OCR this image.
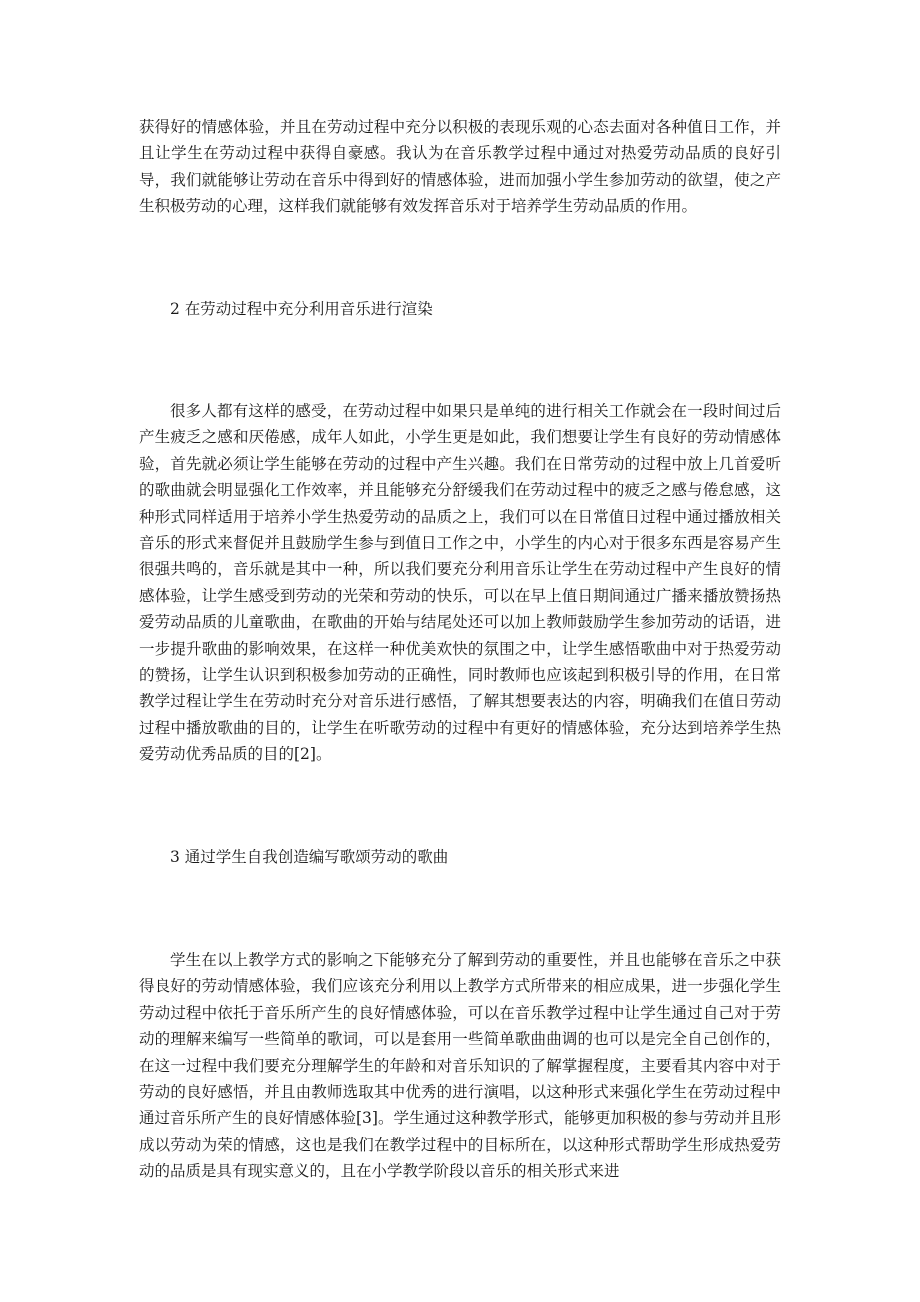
获得好的情感体验，并且在劳动过程中充分以积极的表现乐观的心态去面对各种值日工作，并且让学生在劳动过程中获得自豪感。我认为在音乐教学过程中通过对热爱劳动品质的良好引导，我们就能够让劳动在音乐中得到好的情感体验，进而加强小学生参加劳动的欲望，使之产生积极劳动的心理，这样我们就能够有效发挥音乐对于培养学生劳动品质的作用。

2 在劳动过程中充分利用音乐进行渲染

很多人都有这样的感受，在劳动过程中如果只是单纯的进行相关工作就会在一段时间过后产生疲乏之感和厌倦感，成年人如此，小学生更是如此，我们想要让学生有良好的劳动情感体验，首先就必须让学生能够在劳动的过程中产生兴趣。我们在日常劳动的过程中放上几首爱听的歌曲就会明显强化工作效率，并且能够充分舒缓我们在劳动过程中的疲乏之感与倦怠感，这种形式同样适用于培养小学生热爱劳动的品质之上，我们可以在日常值日过程中通过播放相关音乐的形式来督促并且鼓励学生参与到值日工作之中，小学生的内心对于很多东西是容易产生很强共鸣的，音乐就是其中一种，所以我们要充分利用音乐让学生在劳动过程中产生良好的情感体验，让学生感受到劳动的光荣和劳动的快乐，可以在早上值日期间通过广播来播放赞扬热爱劳动品质的儿童歌曲，在歌曲的开始与结尾处还可以加上教师鼓励学生参加劳动的话语，进一步提升歌曲的影响效果，在这样一种优美欢快的氛围之中，让学生感悟歌曲中对于热爱劳动的赞扬，让学生认识到积极参加劳动的正确性，同时教师也应该起到积极引导的作用，在日常教学过程让学生在劳动时充分对音乐进行感悟，了解其想要表达的内容，明确我们在值日劳动过程中播放歌曲的目的，让学生在听歌劳动的过程中有更好的情感体验，充分达到培养学生热爱劳动优秀品质的目的[2]。

3 通过学生自我创造编写歌颂劳动的歌曲

学生在以上教学方式的影响之下能够充分了解到劳动的重要性，并且也能够在音乐之中获得良好的劳动情感体验，我们应该充分利用以上教学方式所带来的相应成果，进一步强化学生劳动过程中依托于音乐所产生的良好情感体验，可以在音乐教学过程中让学生通过自己对于劳动的理解来编写一些简单的歌词，可以是套用一些简单歌曲曲调的也可以是完全自己创作的，在这一过程中我们要充分理解学生的年龄和对音乐知识的了解掌握程度，主要看其内容中对于劳动的良好感悟，并且由教师选取其中优秀的进行演唱，以这种形式来强化学生在劳动过程中通过音乐所产生的良好情感体验[3]。学生通过这种教学形式，能够更加积极的参与劳动并且形成以劳动为荣的情感，这也是我们在教学过程中的目标所在，以这种形式帮助学生形成热爱劳动的品质是具有现实意义的，且在小学教学阶段以音乐的相关形式来进
